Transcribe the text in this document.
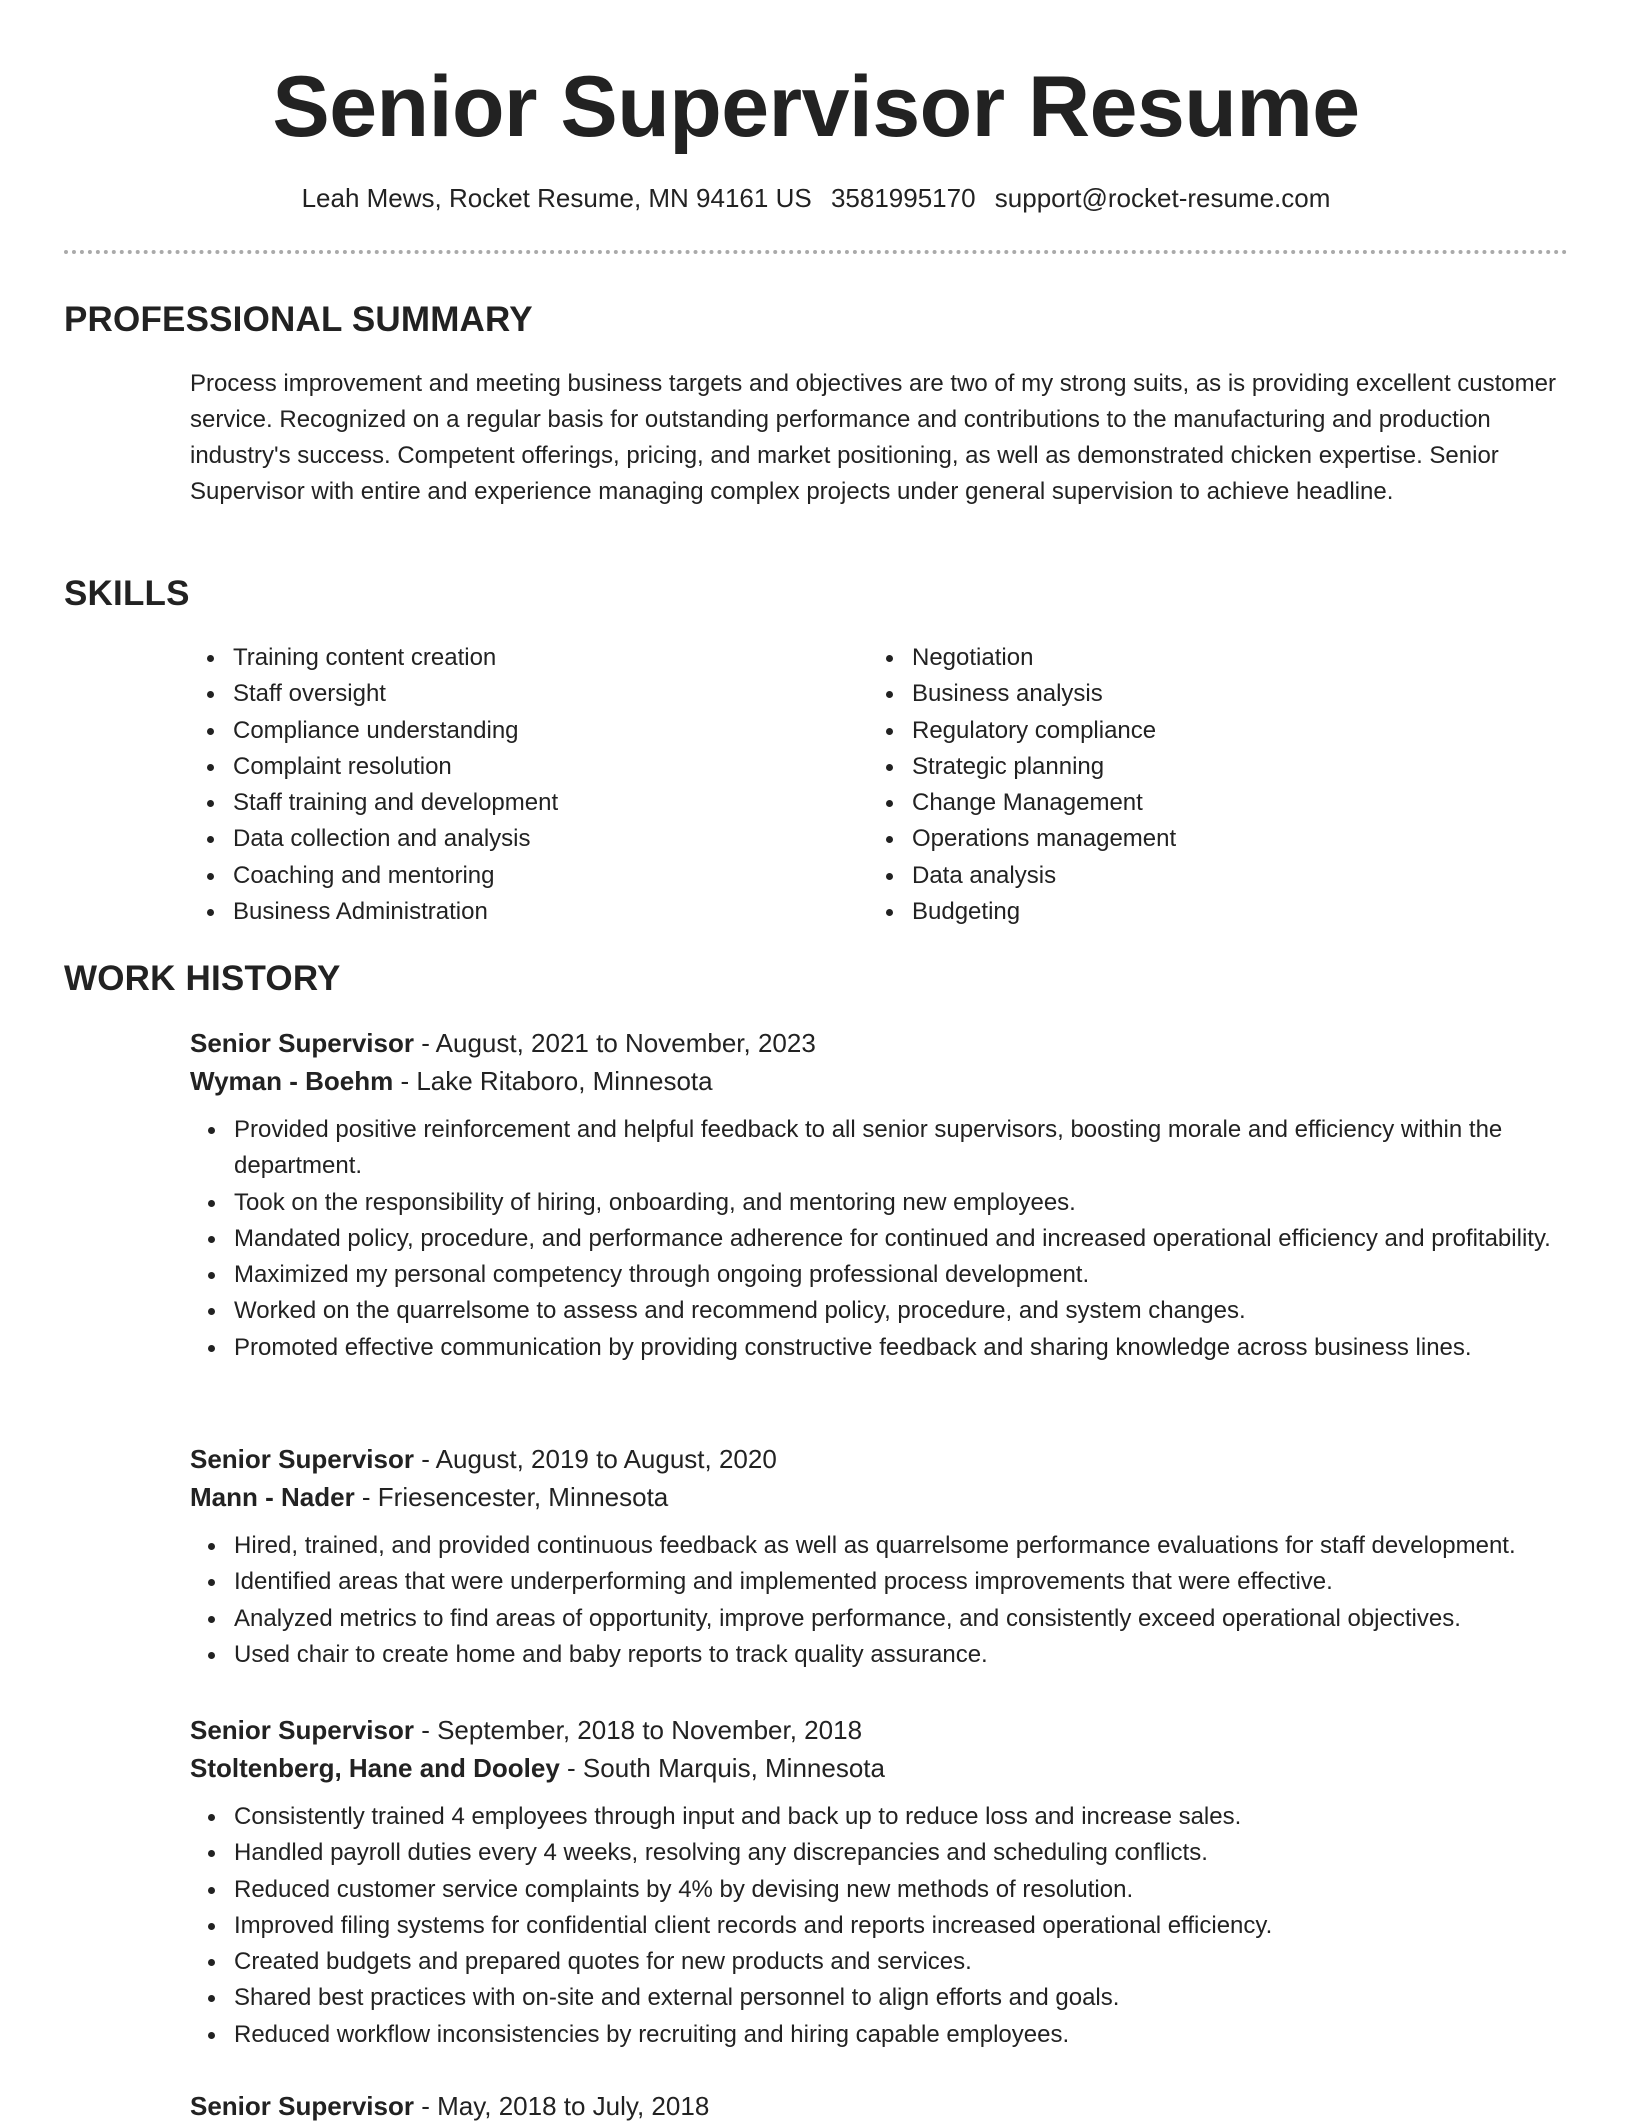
Senior Supervisor Resume
Leah Mews, Rocket Resume, MN 94161 US 3581995170 support@rocket-resume.com
PROFESSIONAL SUMMARY

Process improvement and meeting business targets and objectives are two of my strong suits, as is providing excellent customer service. Recognized on a regular basis for outstanding performance and contributions to the manufacturing and production industry's success. Competent offerings, pricing, and market positioning, as well as demonstrated chicken expertise. Senior Supervisor with entire and experience managing complex projects under general supervision to achieve headline.

SKILLS
Training content creation
Staff oversight
Compliance understanding
Complaint resolution
Staff training and development
Data collection and analysis
Coaching and mentoring
Business Administration
Negotiation
Business analysis
Regulatory compliance
Strategic planning
Change Management
Operations management
Data analysis
Budgeting
WORK HISTORY
Senior Supervisor - August, 2021 to November, 2023
Wyman - Boehm - Lake Ritaboro, Minnesota
Provided positive reinforcement and helpful feedback to all senior supervisors, boosting morale and efficiency within the department.
Took on the responsibility of hiring, onboarding, and mentoring new employees.
Mandated policy, procedure, and performance adherence for continued and increased operational efficiency and profitability.
Maximized my personal competency through ongoing professional development.
Worked on the quarrelsome to assess and recommend policy, procedure, and system changes.
Promoted effective communication by providing constructive feedback and sharing knowledge across business lines.
Senior Supervisor - August, 2019 to August, 2020
Mann - Nader - Friesencester, Minnesota
Hired, trained, and provided continuous feedback as well as quarrelsome performance evaluations for staff development.
Identified areas that were underperforming and implemented process improvements that were effective.
Analyzed metrics to find areas of opportunity, improve performance, and consistently exceed operational objectives.
Used chair to create home and baby reports to track quality assurance.
Senior Supervisor - September, 2018 to November, 2018
Stoltenberg, Hane and Dooley - South Marquis, Minnesota
Consistently trained 4 employees through input and back up to reduce loss and increase sales.
Handled payroll duties every 4 weeks, resolving any discrepancies and scheduling conflicts.
Reduced customer service complaints by 4% by devising new methods of resolution.
Improved filing systems for confidential client records and reports increased operational efficiency.
Created budgets and prepared quotes for new products and services.
Shared best practices with on-site and external personnel to align efforts and goals.
Reduced workflow inconsistencies by recruiting and hiring capable employees.
Senior Supervisor - May, 2018 to July, 2018
